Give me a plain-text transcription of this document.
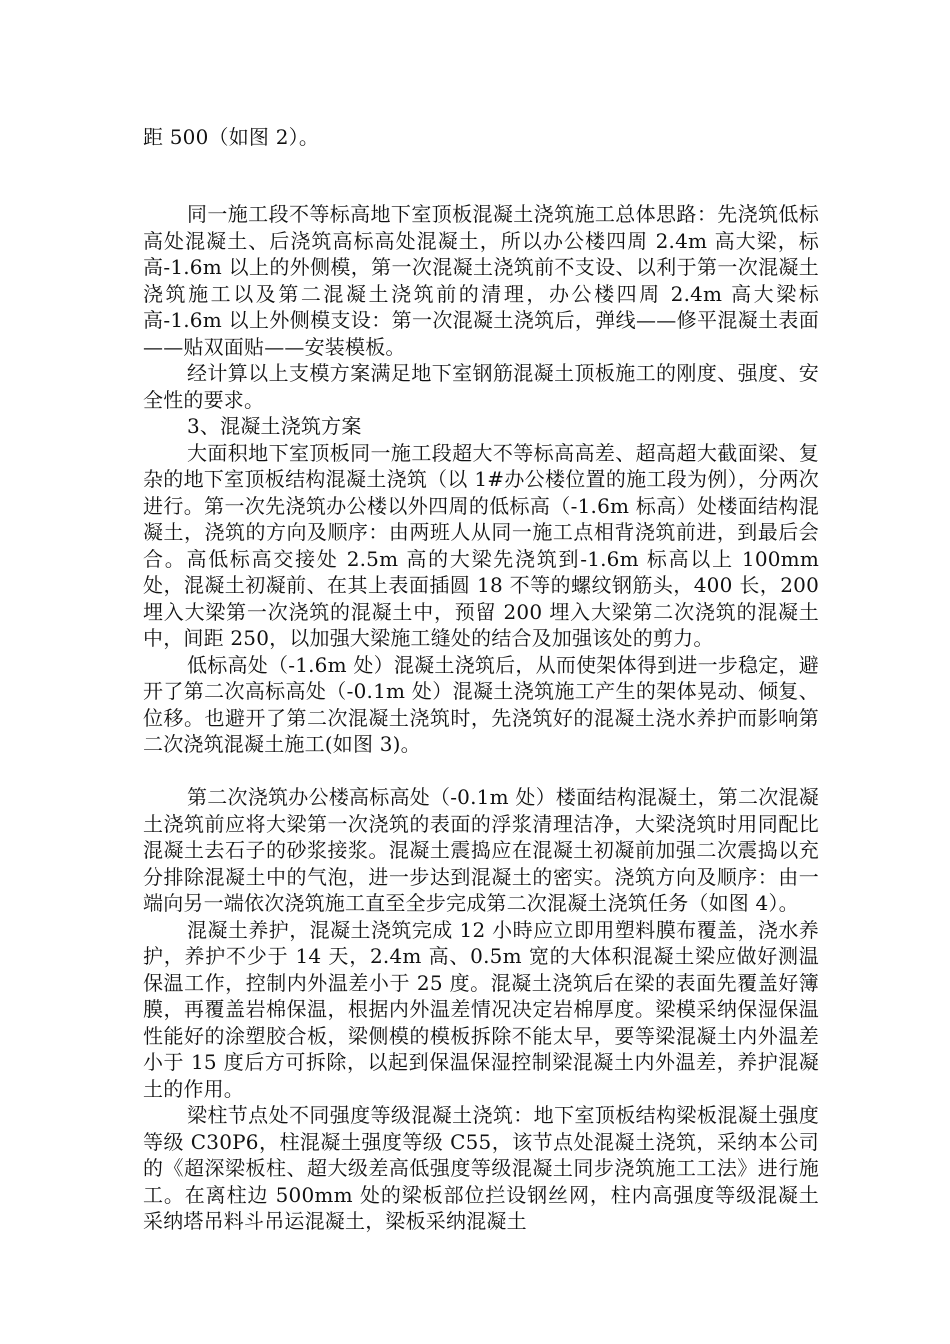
距 500（如图 2）。

同一施工段不等标高地下室顶板混凝土浇筑施工总体思路：先浇筑低标高处混凝土、后浇筑高标高处混凝土，所以办公楼四周 2.4m 高大梁，标高-1.6m 以上的外侧模，第一次混凝土浇筑前不支设、以利于第一次混凝土浇筑施工以及第二混凝土浇筑前的清理，办公楼四周 2.4m 高大梁标高-1.6m 以上外侧模支设：第一次混凝土浇筑后，弹线——修平混凝土表面——贴双面贴——安装模板。

经计算以上支模方案满足地下室钢筋混凝土顶板施工的刚度、强度、安全性的要求。

3、混凝土浇筑方案

大面积地下室顶板同一施工段超大不等标高高差、超高超大截面梁、复杂的地下室顶板结构混凝土浇筑（以 1#办公楼位置的施工段为例），分两次进行。第一次先浇筑办公楼以外四周的低标高（-1.6m 标高）处楼面结构混凝土，浇筑的方向及顺序：由两班人从同一施工点相背浇筑前进，到最后会合。高低标高交接处 2.5m 高的大梁先浇筑到-1.6m 标高以上 100mm 处，混凝土初凝前、在其上表面插圆 18 不等的螺纹钢筋头，400 长，200 埋入大梁第一次浇筑的混凝土中，预留 200 埋入大梁第二次浇筑的混凝土中，间距 250，以加强大梁施工缝处的结合及加强该处的剪力。

低标高处（-1.6m 处）混凝土浇筑后，从而使架体得到进一步稳定，避开了第二次高标高处（-0.1m 处）混凝土浇筑施工产生的架体晃动、倾复、位移。也避开了第二次混凝土浇筑时，先浇筑好的混凝土浇水养护而影响第二次浇筑混凝土施工(如图 3)。

第二次浇筑办公楼高标高处（-0.1m 处）楼面结构混凝土，第二次混凝土浇筑前应将大梁第一次浇筑的表面的浮浆清理洁净，大梁浇筑时用同配比混凝土去石子的砂浆接浆。混凝土震捣应在混凝土初凝前加强二次震捣以充分排除混凝土中的气泡，进一步达到混凝土的密实。浇筑方向及顺序：由一端向另一端依次浇筑施工直至全步完成第二次混凝土浇筑任务（如图 4）。

混凝土养护，混凝土浇筑完成 12 小時应立即用塑料膜布覆盖，浇水养护，养护不少于 14 天，2.4m 高、0.5m 宽的大体积混凝土梁应做好测温保温工作，控制内外温差小于 25 度。混凝土浇筑后在梁的表面先覆盖好簿膜，再覆盖岩棉保温，根据内外温差情况决定岩棉厚度。梁模采纳保湿保温性能好的涂塑胶合板，梁侧模的模板拆除不能太早，要等梁混凝土内外温差小于 15 度后方可拆除，以起到保温保湿控制梁混凝土内外温差，养护混凝土的作用。

梁柱节点处不同强度等级混凝土浇筑：地下室顶板结构梁板混凝土强度等级 C30P6，柱混凝土强度等级 C55，该节点处混凝土浇筑，采纳本公司的《超深梁板柱、超大级差高低强度等级混凝土同步浇筑施工工法》进行施工。在离柱边 500mm 处的梁板部位拦设钢丝网，柱内高强度等级混凝土采纳塔吊料斗吊运混凝土，梁板采纳混凝土
